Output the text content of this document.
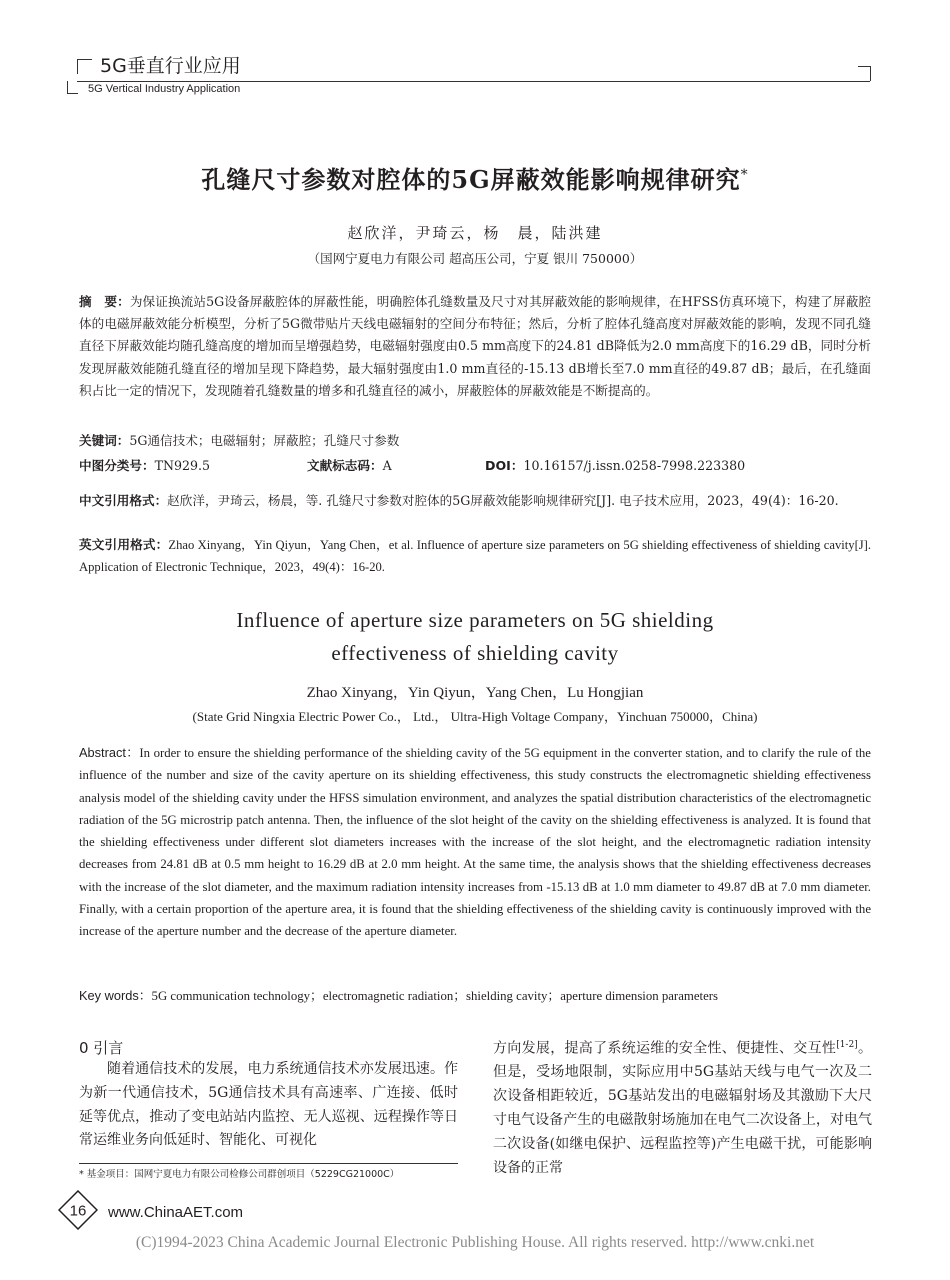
5G垂直行业应用
5G Vertical Industry Application
孔缝尺寸参数对腔体的5G屏蔽效能影响规律研究*
赵欣洋，尹琦云，杨　晨，陆洪建
（国网宁夏电力有限公司 超高压公司，宁夏 银川 750000）
摘　要：为保证换流站5G设备屏蔽腔体的屏蔽性能，明确腔体孔缝数量及尺寸对其屏蔽效能的影响规律，在HFSS仿真环境下，构建了屏蔽腔体的电磁屏蔽效能分析模型，分析了5G微带贴片天线电磁辐射的空间分布特征；然后，分析了腔体孔缝高度对屏蔽效能的影响，发现不同孔缝直径下屏蔽效能均随孔缝高度的增加而呈增强趋势，电磁辐射强度由0.5 mm高度下的24.81 dB降低为2.0 mm高度下的16.29 dB，同时分析发现屏蔽效能随孔缝直径的增加呈现下降趋势，最大辐射强度由1.0 mm直径的-15.13 dB增长至7.0 mm直径的49.87 dB；最后，在孔缝面积占比一定的情况下，发现随着孔缝数量的增多和孔缝直径的减小，屏蔽腔体的屏蔽效能是不断提高的。
关键词：5G通信技术；电磁辐射；屏蔽腔；孔缝尺寸参数
中图分类号：TN929.5	文献标志码：A	DOI：10.16157/j.issn.0258-7998.223380
中文引用格式：赵欣洋，尹琦云，杨晨，等. 孔缝尺寸参数对腔体的5G屏蔽效能影响规律研究[J]. 电子技术应用，2023，49(4)：16-20.
英文引用格式：Zhao Xinyang，Yin Qiyun，Yang Chen，et al. Influence of aperture size parameters on 5G shielding effectiveness of shielding cavity[J]. Application of Electronic Technique，2023，49(4)：16-20.
Influence of aperture size parameters on 5G shielding
effectiveness of shielding cavity
Zhao Xinyang，Yin Qiyun，Yang Chen，Lu Hongjian
(State Grid Ningxia Electric Power Co.， Ltd.， Ultra-High Voltage Company，Yinchuan 750000，China)
Abstract：In order to ensure the shielding performance of the shielding cavity of the 5G equipment in the converter station, and to clarify the rule of the influence of the number and size of the cavity aperture on its shielding effectiveness, this study constructs the electromagnetic shielding effectiveness analysis model of the shielding cavity under the HFSS simulation environment, and analyzes the spatial distribution characteristics of the electromagnetic radiation of the 5G microstrip patch antenna. Then, the influence of the slot height of the cavity on the shielding effectiveness is analyzed. It is found that the shielding effectiveness under different slot diameters increases with the increase of the slot height, and the electromagnetic radiation intensity decreases from 24.81 dB at 0.5 mm height to 16.29 dB at 2.0 mm height. At the same time, the analysis shows that the shielding effectiveness decreases with the increase of the slot diameter, and the maximum radiation intensity increases from -15.13 dB at 1.0 mm diameter to 49.87 dB at 7.0 mm diameter. Finally, with a certain proportion of the aperture area, it is found that the shielding effectiveness of the shielding cavity is continuously improved with the increase of the aperture number and the decrease of the aperture diameter.
Key words：5G communication technology；electromagnetic radiation；shielding cavity；aperture dimension parameters
0 引言
随着通信技术的发展，电力系统通信技术亦发展迅速。作为新一代通信技术，5G通信技术具有高速率、广连接、低时延等优点，推动了变电站站内监控、无人巡视、远程操作等日常运维业务向低延时、智能化、可视化
方向发展，提高了系统运维的安全性、便捷性、交互性[1-2]。但是，受场地限制，实际应用中5G基站天线与电气一次及二次设备相距较近，5G基站发出的电磁辐射场及其激励下大尺寸电气设备产生的电磁散射场施加在电气二次设备上，对电气二次设备(如继电保护、远程监控等)产生电磁干扰，可能影响设备的正常
* 基金项目：国网宁夏电力有限公司检修公司群创项目（5229CG21000C）
16 www.ChinaAET.com
(C)1994-2023 China Academic Journal Electronic Publishing House. All rights reserved. http://www.cnki.net
